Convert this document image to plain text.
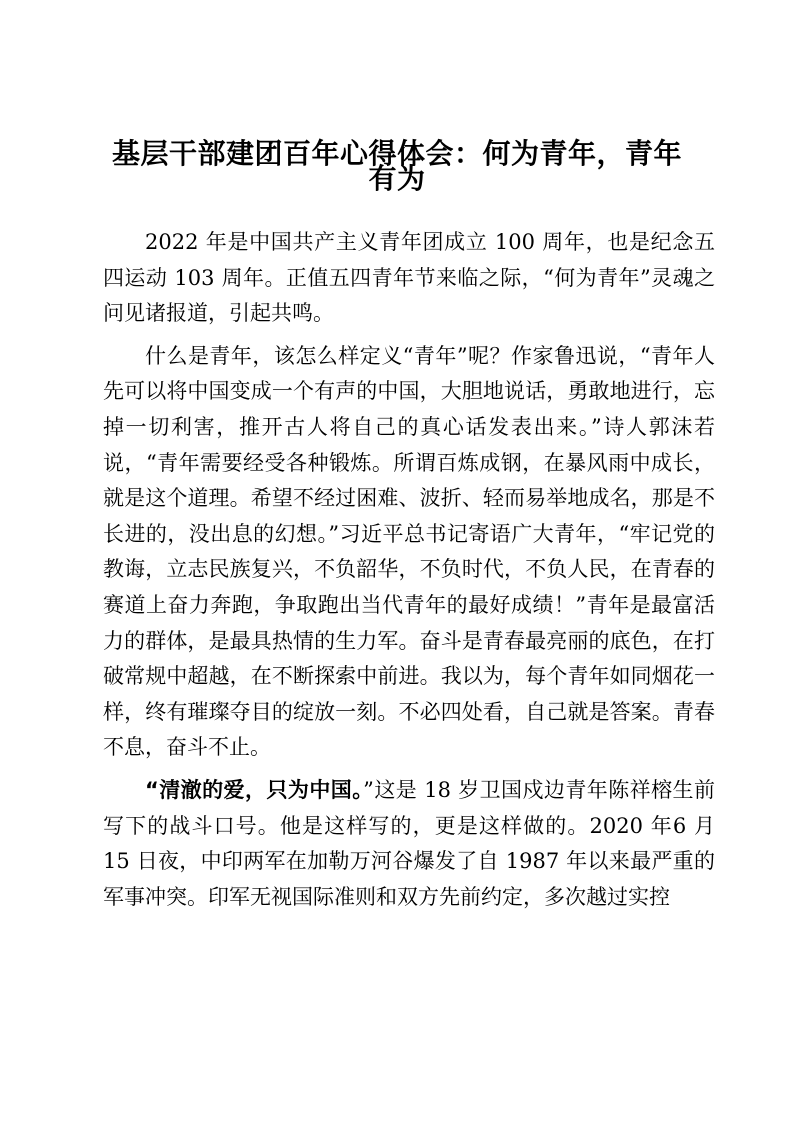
基层干部建团百年心得体会：何为青年，青年有为

2022 年是中国共产主义青年团成立 100 周年，也是纪念五四运动 103 周年。正值五四青年节来临之际，“何为青年”灵魂之问见诸报道，引起共鸣。

什么是青年，该怎么样定义“青年”呢？作家鲁迅说，“青年人先可以将中国变成一个有声的中国，大胆地说话，勇敢地进行，忘掉一切利害，推开古人将自己的真心话发表出来。”诗人郭沫若说，“青年需要经受各种锻炼。所谓百炼成钢，在暴风雨中成长，就是这个道理。希望不经过困难、波折、轻而易举地成名，那是不长进的，没出息的幻想。”习近平总书记寄语广大青年，“牢记党的教诲，立志民族复兴，不负韶华，不负时代，不负人民，在青春的赛道上奋力奔跑，争取跑出当代青年的最好成绩！”青年是最富活力的群体，是最具热情的生力军。奋斗是青春最亮丽的底色，在打破常规中超越，在不断探索中前进。我以为，每个青年如同烟花一样，终有璀璨夺目的绽放一刻。不必四处看，自己就是答案。青春不息，奋斗不止。

“清澈的爱，只为中国。”这是 18 岁卫国戍边青年陈祥榕生前写下的战斗口号。他是这样写的，更是这样做的。2020 年6 月 15 日夜，中印两军在加勒万河谷爆发了自 1987 年以来最严重的军事冲突。印军无视国际准则和双方先前约定，多次越过实控
